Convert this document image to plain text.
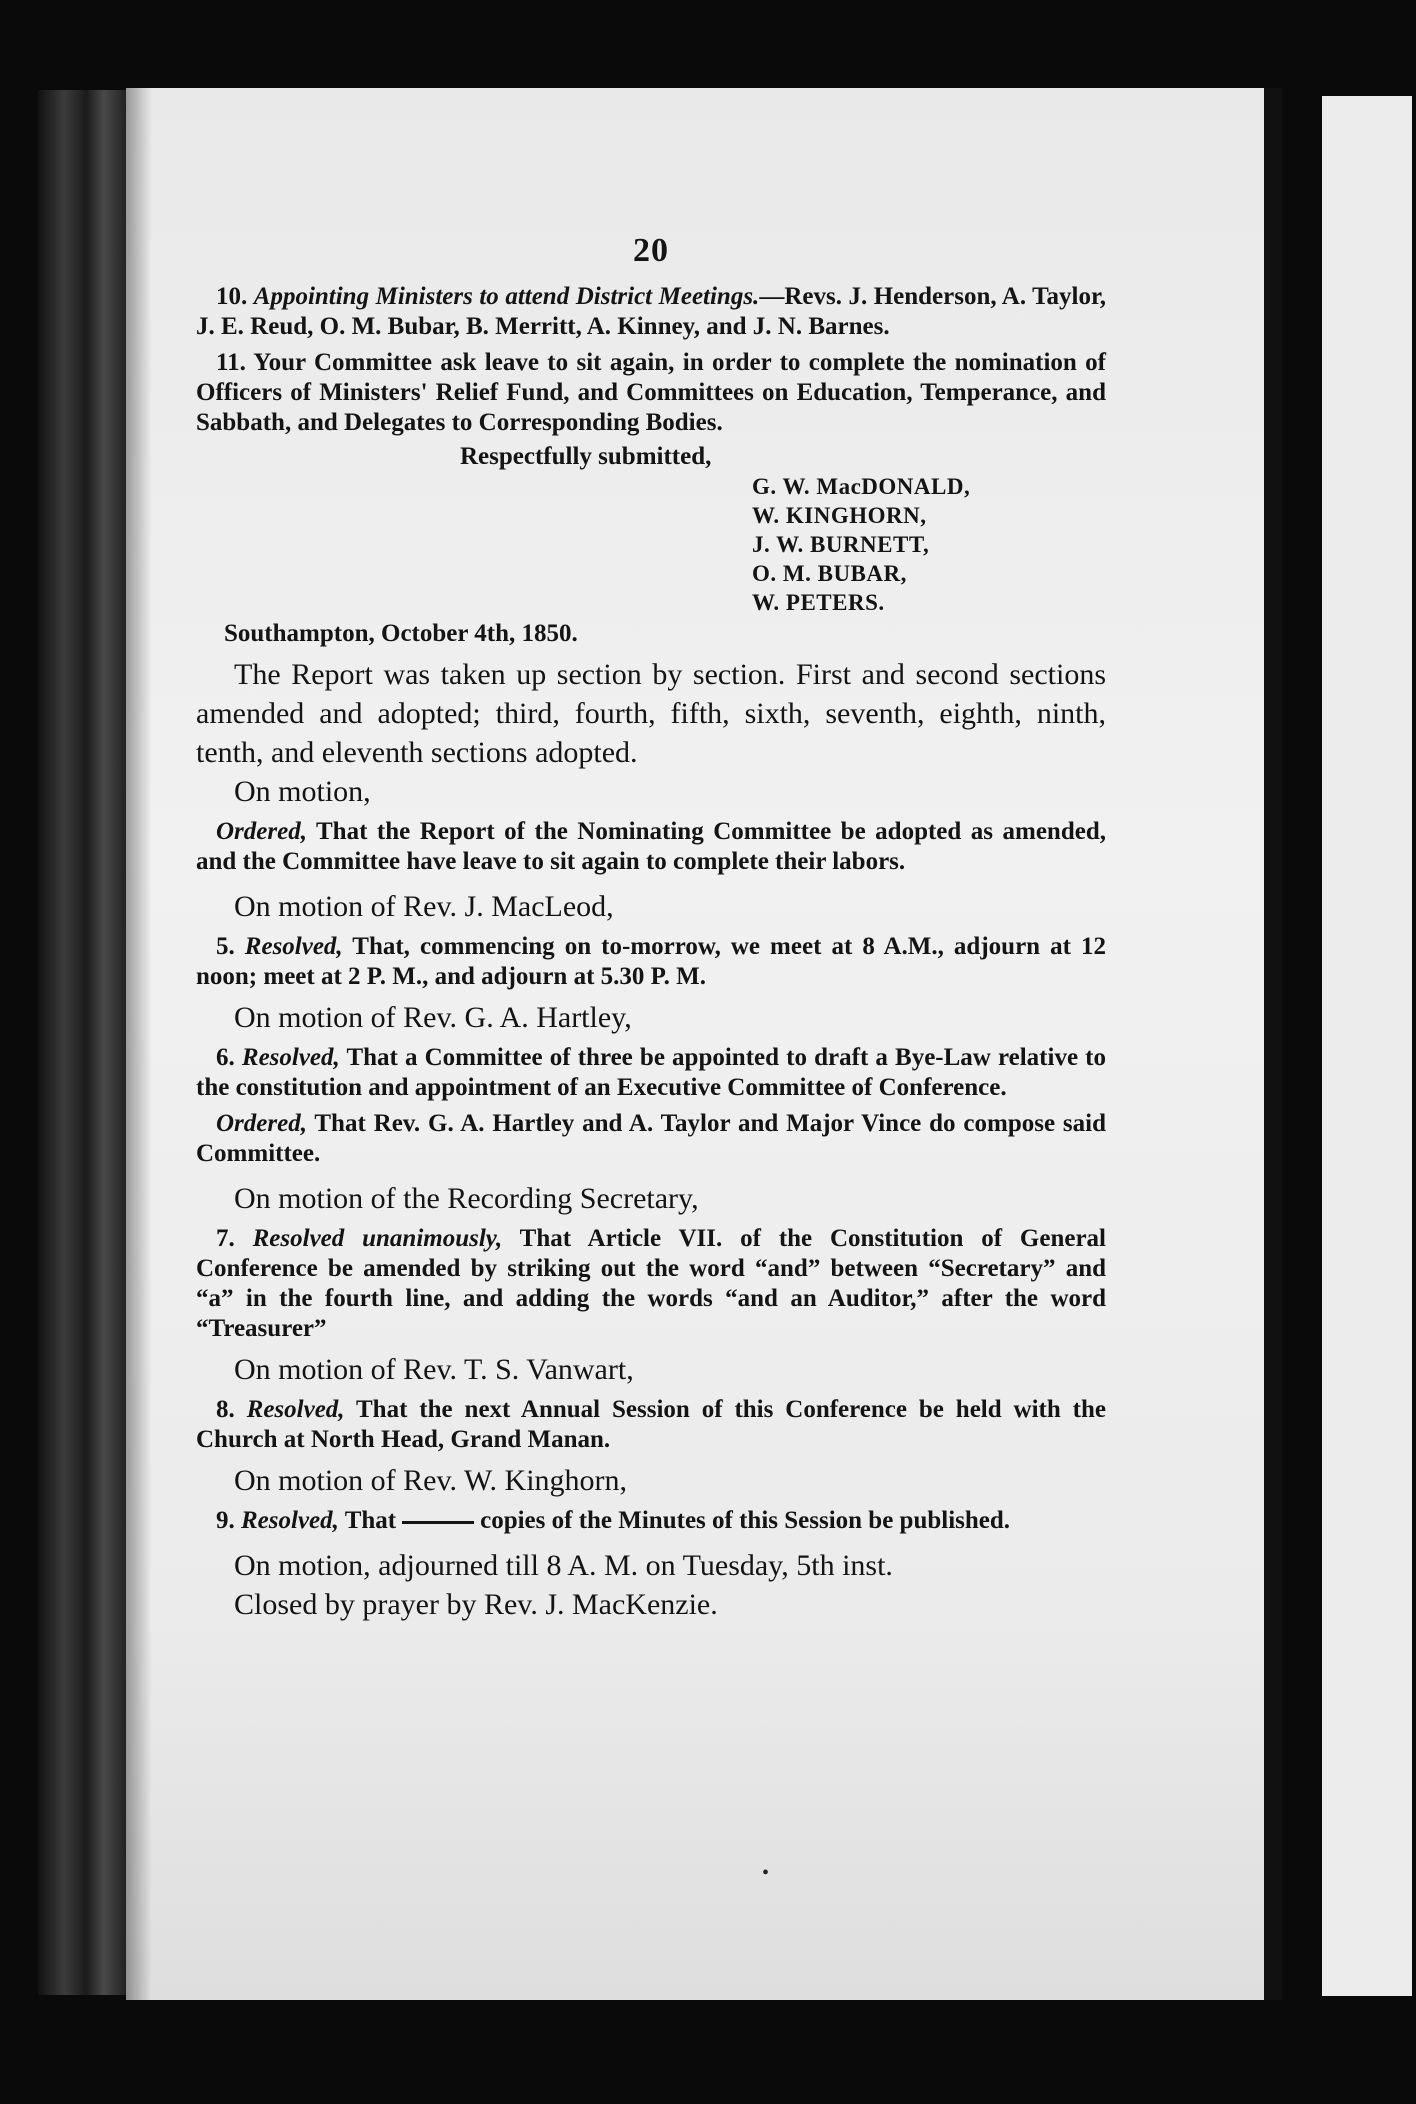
20

10. Appointing Ministers to attend District Meetings.—Revs. J. Henderson, A. Taylor, J. E. Reud, O. M. Bubar, B. Merritt, A. Kinney, and J. N. Barnes.

11. Your Committee ask leave to sit again, in order to complete the nomination of Officers of Ministers' Relief Fund, and Committees on Education, Temperance, and Sabbath, and Delegates to Corresponding Bodies.

Respectfully submitted,
G. W. MacDONALD,
W. KINGHORN,
J. W. BURNETT,
O. M. BUBAR,
W. PETERS.
Southampton, October 4th, 1850.

The Report was taken up section by section. First and second sections amended and adopted; third, fourth, fifth, sixth, seventh, eighth, ninth, tenth, and eleventh sections adopted.

On motion,

Ordered, That the Report of the Nominating Committee be adopted as amended, and the Committee have leave to sit again to complete their labors.

On motion of Rev. J. MacLeod,

5. Resolved, That, commencing on to-morrow, we meet at 8 A.M., adjourn at 12 noon; meet at 2 P. M., and adjourn at 5.30 P. M.

On motion of Rev. G. A. Hartley,

6. Resolved, That a Committee of three be appointed to draft a Bye-Law relative to the constitution and appointment of an Executive Committee of Conference.

Ordered, That Rev. G. A. Hartley and A. Taylor and Major Vince do compose said Committee.

On motion of the Recording Secretary,

7. Resolved unanimously, That Article VII. of the Constitution of General Conference be amended by striking out the word “and” between “Secretary” and “a” in the fourth line, and adding the words “and an Auditor,” after the word “Treasurer”

On motion of Rev. T. S. Vanwart,

8. Resolved, That the next Annual Session of this Conference be held with the Church at North Head, Grand Manan.

On motion of Rev. W. Kinghorn,

9. Resolved, That	copies of the Minutes of this Session be published.

On motion, adjourned till 8 A. M. on Tuesday, 5th inst.

Closed by prayer by Rev. J. MacKenzie.

•
